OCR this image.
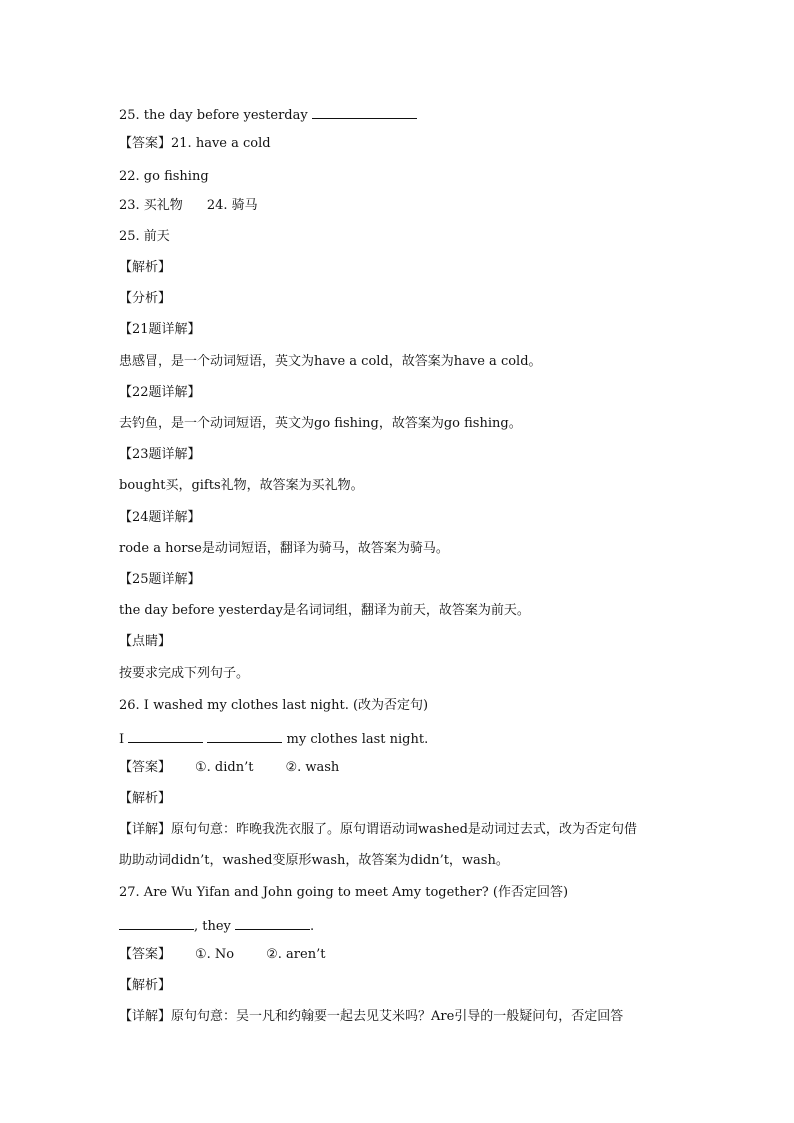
25. the day before yesterday
【答案】21. have a cold
22. go fishing
23. 买礼物 24. 骑马
25. 前天
【解析】
【分析】
【21题详解】
患感冒，是一个动词短语，英文为have a cold，故答案为have a cold。
【22题详解】
去钓鱼，是一个动词短语，英文为go fishing，故答案为go fishing。
【23题详解】
bought买，gifts礼物，故答案为买礼物。
【24题详解】
rode a horse是动词短语，翻译为骑马，故答案为骑马。
【25题详解】
the day before yesterday是名词词组，翻译为前天，故答案为前天。
【点睛】
按要求完成下列句子。
26. I washed my clothes last night. (改为否定句)
I	my clothes last night.
【答案】 ①. didn’t ②. wash
【解析】
【详解】原句句意：昨晚我洗衣服了。原句谓语动词washed是动词过去式，改为否定句借
助助动词didn’t，washed变原形wash，故答案为didn’t，wash。
27. Are Wu Yifan and John going to meet Amy together? (作否定回答)
, they	.
【答案】 ①. No ②. aren’t
【解析】
【详解】原句句意：吴一凡和约翰要一起去见艾米吗？Are引导的一般疑问句，否定回答
